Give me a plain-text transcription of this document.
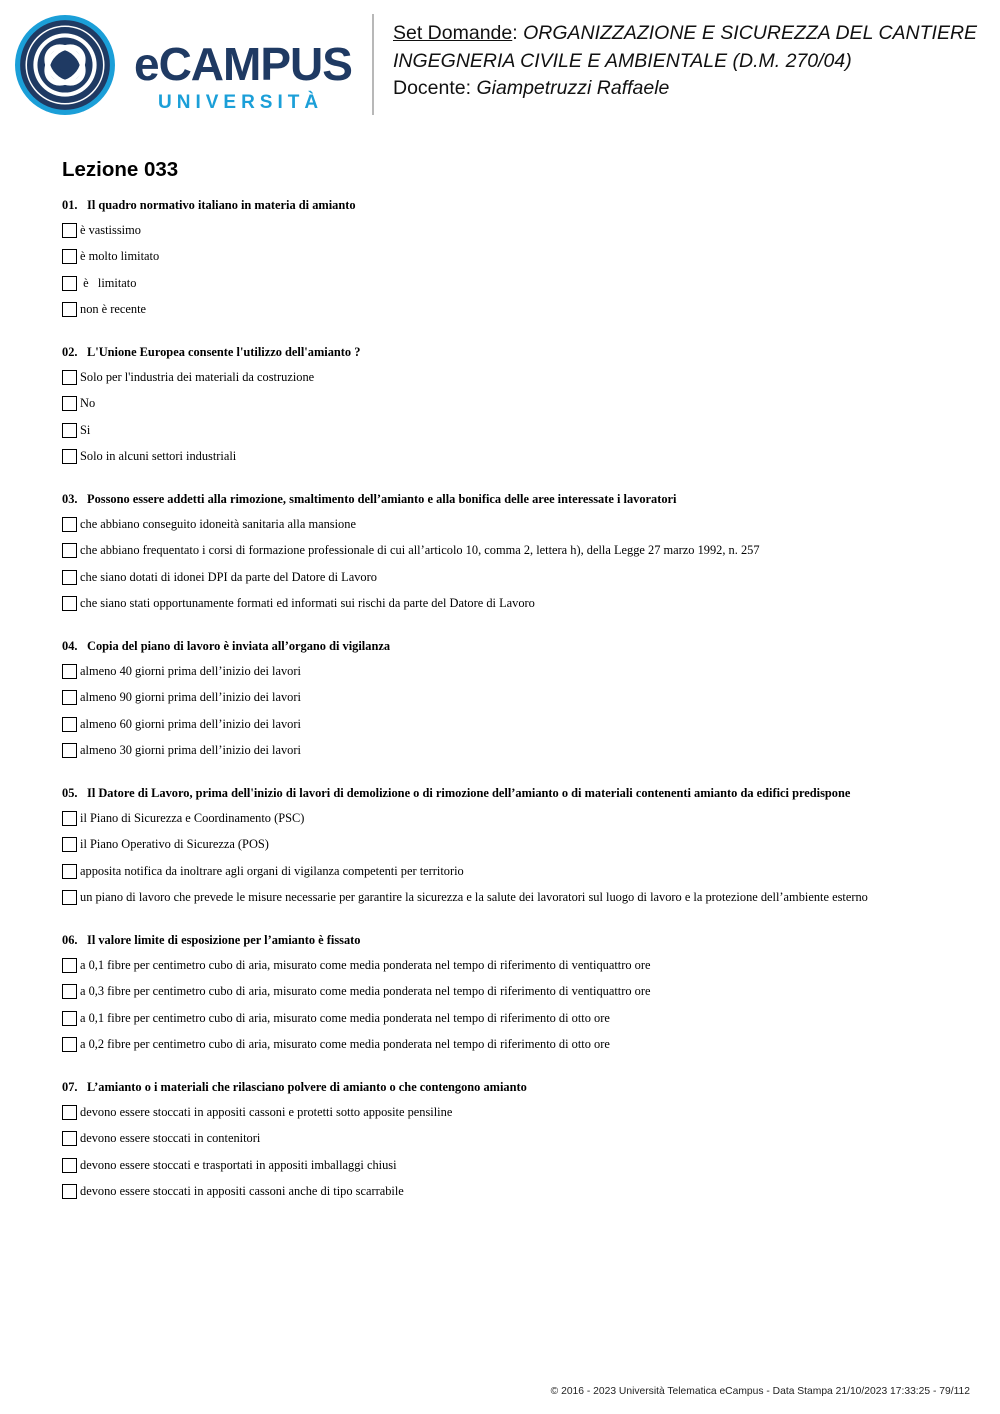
eCAMPUS
UNIVERSITÀ
Set Domande: ORGANIZZAZIONE E SICUREZZA DEL CANTIERE
INGEGNERIA CIVILE E AMBIENTALE (D.M. 270/04)
Docente: Giampetruzzi Raffaele
Lezione 033
01. Il quadro normativo italiano in materia di amianto
è vastissimo
è molto limitato
è   limitato
non è recente
02. L'Unione Europea consente l'utilizzo dell'amianto ?
Solo per l'industria dei materiali da costruzione
No
Si
Solo in alcuni settori industriali
03. Possono essere addetti alla rimozione, smaltimento dell’amianto e alla bonifica delle aree interessate i lavoratori
che abbiano conseguito idoneità sanitaria alla mansione
che abbiano frequentato i corsi di formazione professionale di cui all’articolo 10, comma 2, lettera h), della Legge 27 marzo 1992, n. 257
che siano dotati di idonei DPI da parte del Datore di Lavoro
che siano stati opportunamente formati ed informati sui rischi da parte del Datore di Lavoro
04. Copia del piano di lavoro è inviata all’organo di vigilanza
almeno 40 giorni prima dell’inizio dei lavori
almeno 90 giorni prima dell’inizio dei lavori
almeno 60 giorni prima dell’inizio dei lavori
almeno 30 giorni prima dell’inizio dei lavori
05. Il Datore di Lavoro, prima dell'inizio di lavori di demolizione o di rimozione dell’amianto o di materiali contenenti amianto da edifici predispone
il Piano di Sicurezza e Coordinamento (PSC)
il Piano Operativo di Sicurezza (POS)
apposita notifica da inoltrare agli organi di vigilanza competenti per territorio
un piano di lavoro che prevede le misure necessarie per garantire la sicurezza e la salute dei lavoratori sul luogo di lavoro e la protezione dell’ambiente esterno
06. Il valore limite di esposizione per l’amianto è fissato
a 0,1 fibre per centimetro cubo di aria, misurato come media ponderata nel tempo di riferimento di ventiquattro ore
a 0,3 fibre per centimetro cubo di aria, misurato come media ponderata nel tempo di riferimento di ventiquattro ore
a 0,1 fibre per centimetro cubo di aria, misurato come media ponderata nel tempo di riferimento di otto ore
a 0,2 fibre per centimetro cubo di aria, misurato come media ponderata nel tempo di riferimento di otto ore
07. L’amianto o i materiali che rilasciano polvere di amianto o che contengono amianto
devono essere stoccati in appositi cassoni e protetti sotto apposite pensiline
devono essere stoccati in contenitori
devono essere stoccati e trasportati in appositi imballaggi chiusi
devono essere stoccati in appositi cassoni anche di tipo scarrabile
© 2016 - 2023 Università Telematica eCampus - Data Stampa 21/10/2023 17:33:25 - 79/112
